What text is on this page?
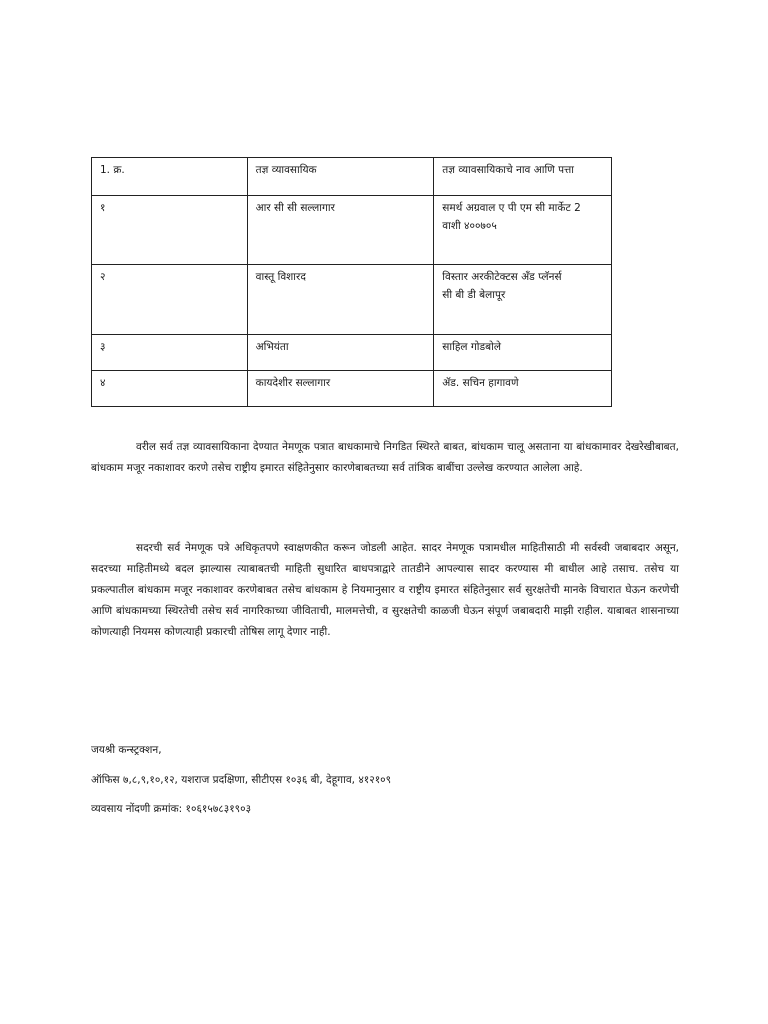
1. क्र.	तज्ञ व्यावसायिक	तज्ञ व्यावसायिकाचे नाव आणि पत्ता
१	आर सी सी सल्लागार	समर्थ अग्रवाल ए पी एम सी मार्केट 2
वाशी ४००७०५

२	वास्तू विशारद	विस्तार अरकीटेक्टस अँड प्लॅनर्स
सी बी डी बेलापूर

३	अभियंता	साहिल गोडबोले

४	कायदेशीर सल्लागार	ॲड. सचिन हागावणे

वरील सर्व तज्ञ व्यावसायिकाना देण्यात नेमणूक पत्रात बाधकामाचे निगडित स्थिरते बाबत, बांधकाम चालू असताना या बांधकामावर देखरेखीबाबत, बांधकाम मजूर नकाशावर करणे तसेच राष्ट्रीय इमारत संहितेनुसार कारणेबाबतच्या सर्व तांत्रिक बाबींचा उल्लेख करण्यात आलेला आहे.

सदरची सर्व नेमणूक पत्रे अधिकृतपणे स्वाक्षणकीत करून जोडली आहेत. सादर नेमणूक पत्रामधील माहितीसाठी मी सर्वस्वी जबाबदार असून, सदरच्या माहितीमध्ये बदल झाल्यास त्याबाबतची माहिती सुधारित बाधपत्राद्वारे तातडीने आपल्यास सादर करण्यास मी बाधील आहे तसाच. तसेच या प्रकल्पातील बांधकाम मजूर नकाशावर करणेबाबत तसेच बांधकाम हे नियमानुसार व राष्ट्रीय इमारत संहितेनुसार सर्व सुरक्षतेची मानके विचारात घेऊन करणेची आणि बांधकामच्या स्थिरतेची तसेच सर्व नागरिकाच्या जीविताची, मालमत्तेची, व सुरक्षतेची काळजी घेऊन संपूर्ण जबाबदारी माझी राहील. याबाबत शासनाच्या कोणत्याही नियमस कोणत्याही प्रकारची तोषिस लागू देणार नाही.

जयश्री कन्स्ट्रक्शन,

ऑफिस ७,८,९,१०,१२, यशराज प्रदक्षिणा, सीटीएस १०३६ बी, देहूगाव, ४१२१०९

व्यवसाय नोंदणी क्रमांक: १०६१५७८३१९०३
